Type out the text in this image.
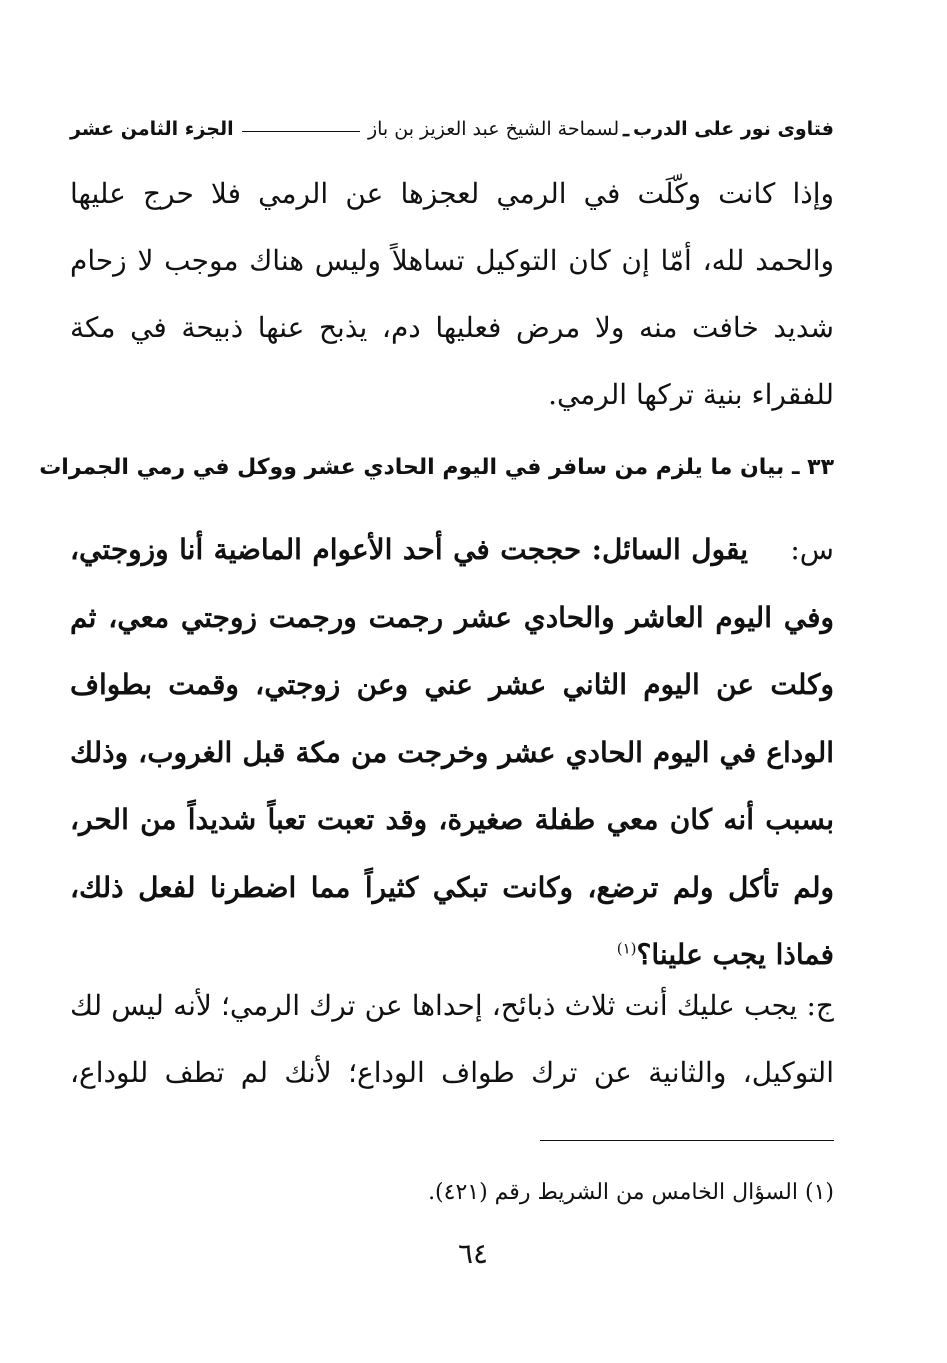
فتاوى نور على الدرب
ـ
لسماحة الشيخ عبد العزيز بن باز
الجزء الثامن عشر
وإذا كانت وكّلَت في الرمي لعجزها عن الرمي فلا حرج عليها والحمد لله، أمّا إن كان التوكيل تساهلاً وليس هناك موجب لا زحام شديد خافت منه ولا مرض فعليها دم، يذبح عنها ذبيحة في مكة للفقراء بنية تركها الرمي.
٣٣ ـ بيان ما يلزم من سافر في اليوم الحادي عشر ووكل في رمي الجمرات
س:
يقول السائل: حججت في أحد الأعوام الماضية أنا وزوجتي، وفي اليوم العاشر والحادي عشر رجمت ورجمت زوجتي معي، ثم وكلت عن اليوم الثاني عشر عني وعن زوجتي، وقمت بطواف الوداع في اليوم الحادي عشر وخرجت من مكة قبل الغروب، وذلك بسبب أنه كان معي طفلة صغيرة، وقد تعبت تعباً شديداً من الحر، ولم تأكل ولم ترضع، وكانت تبكي كثيراً مما اضطرنا لفعل ذلك، فماذا يجب علينا؟$^{(١)}$
ج: يجب عليك أنت ثلاث ذبائح، إحداها عن ترك الرمي؛ لأنه ليس لك التوكيل، والثانية عن ترك طواف الوداع؛ لأنك لم تطف للوداع،
(١) السؤال الخامس من الشريط رقم (٤٢١).
٦٤
